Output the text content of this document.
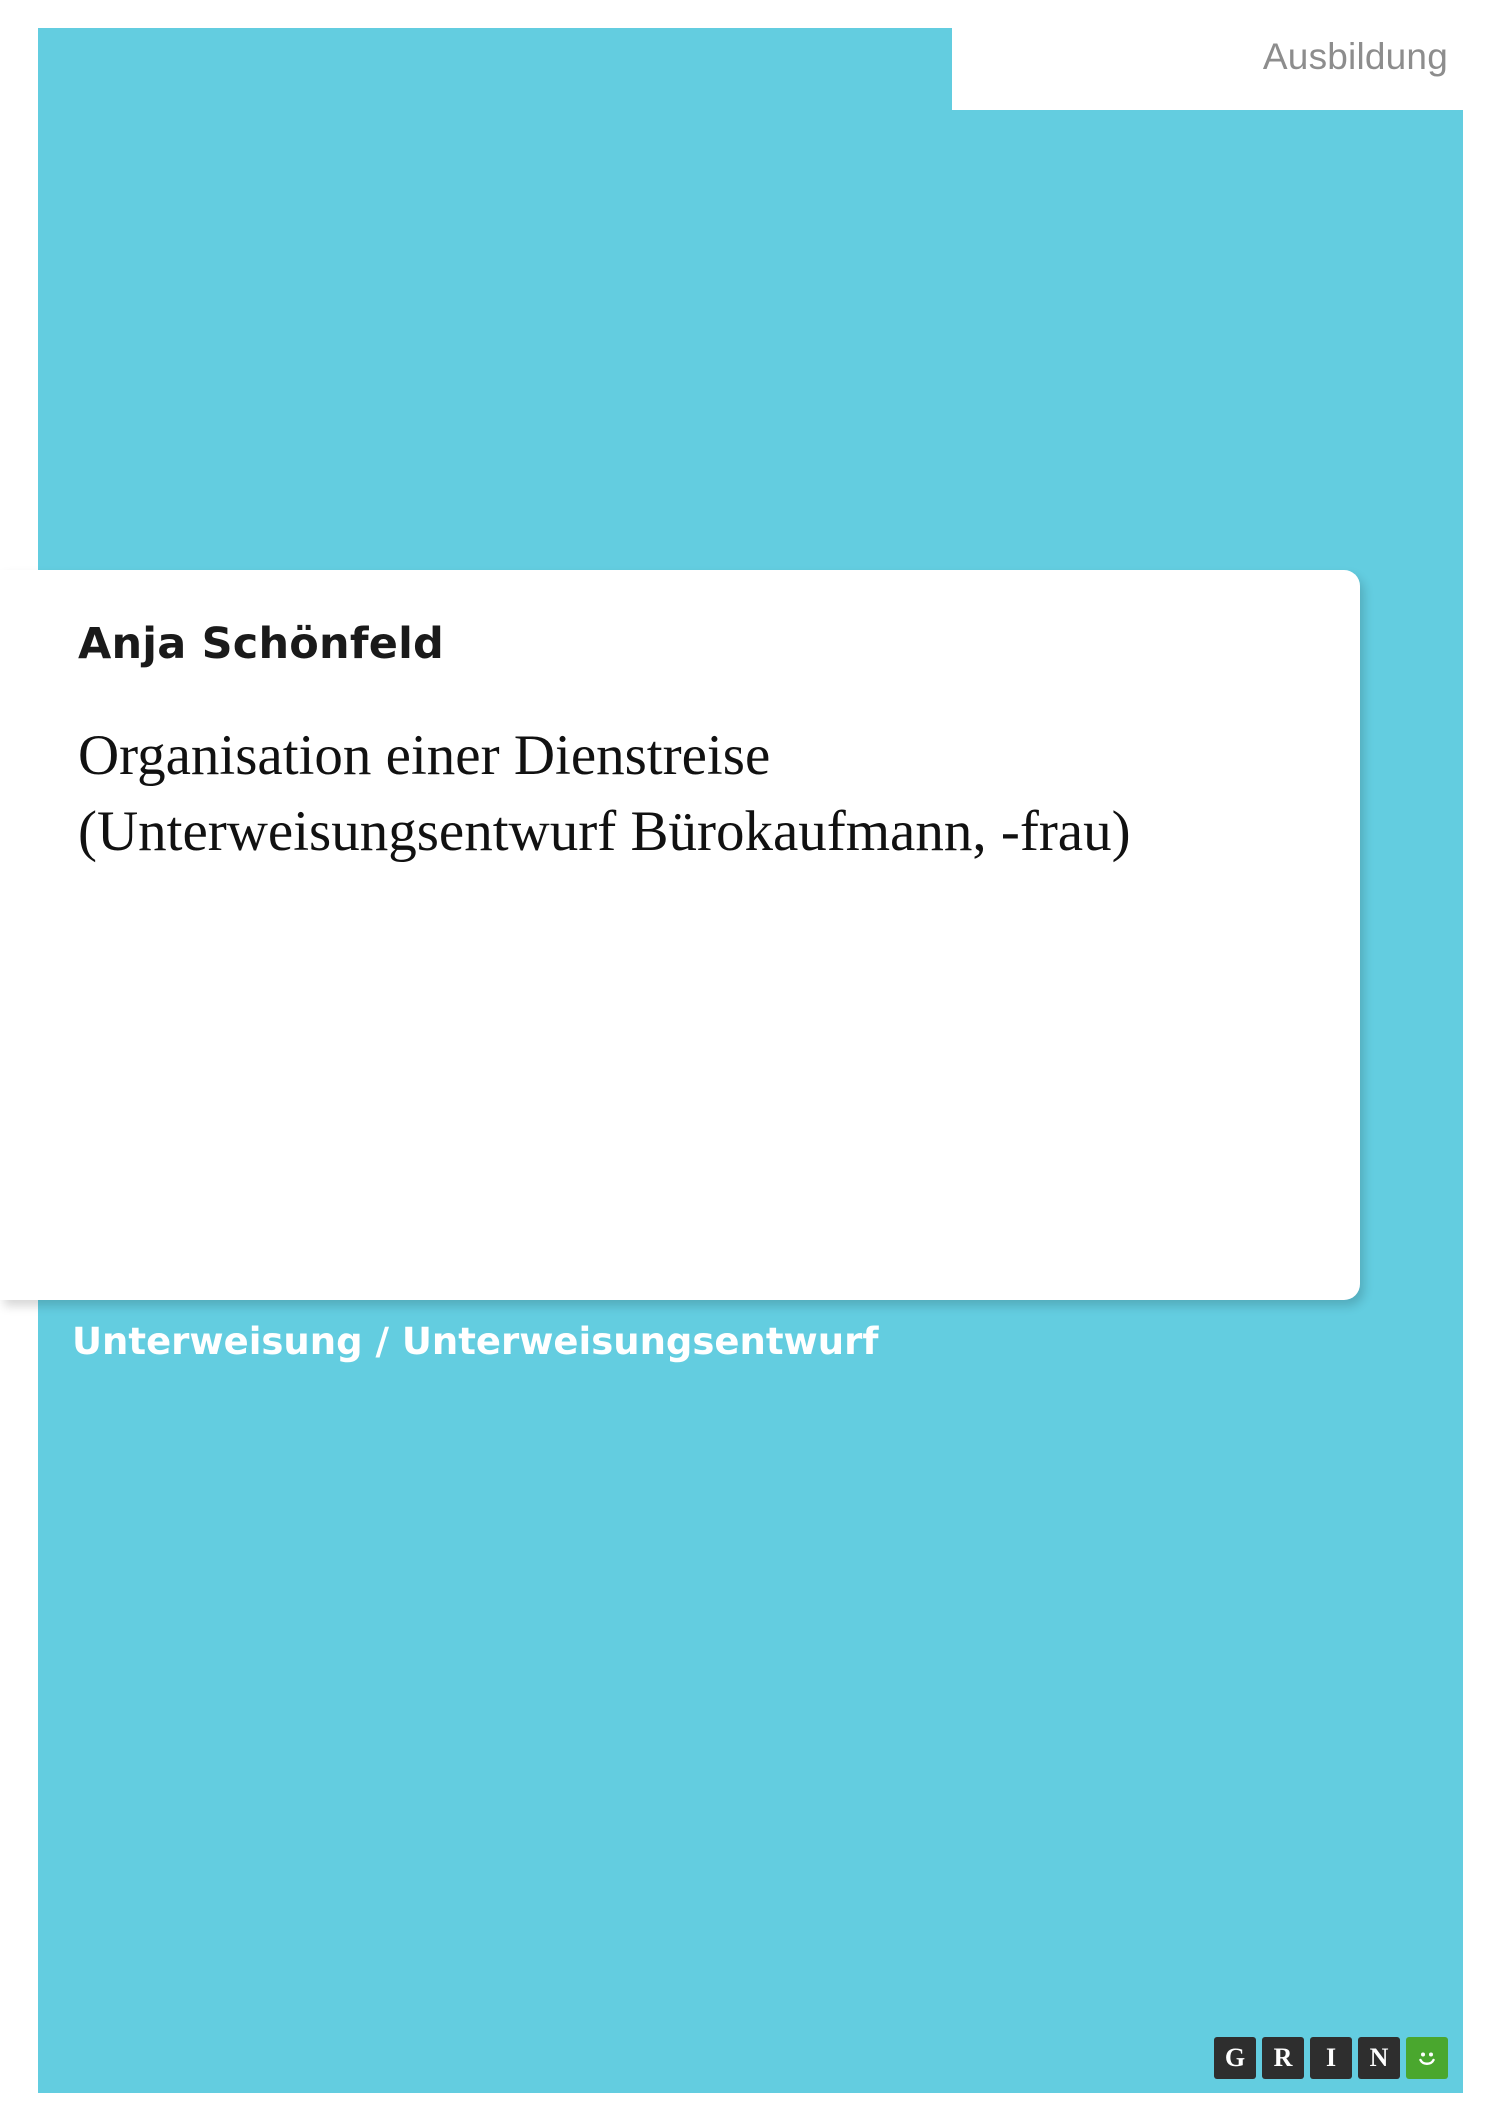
Ausbildung
Anja Schönfeld
Organisation einer Dienstreise (Unterweisungsentwurf Bürokaufmann, -frau)
Unterweisung / Unterweisungsentwurf
G	R	I	N
